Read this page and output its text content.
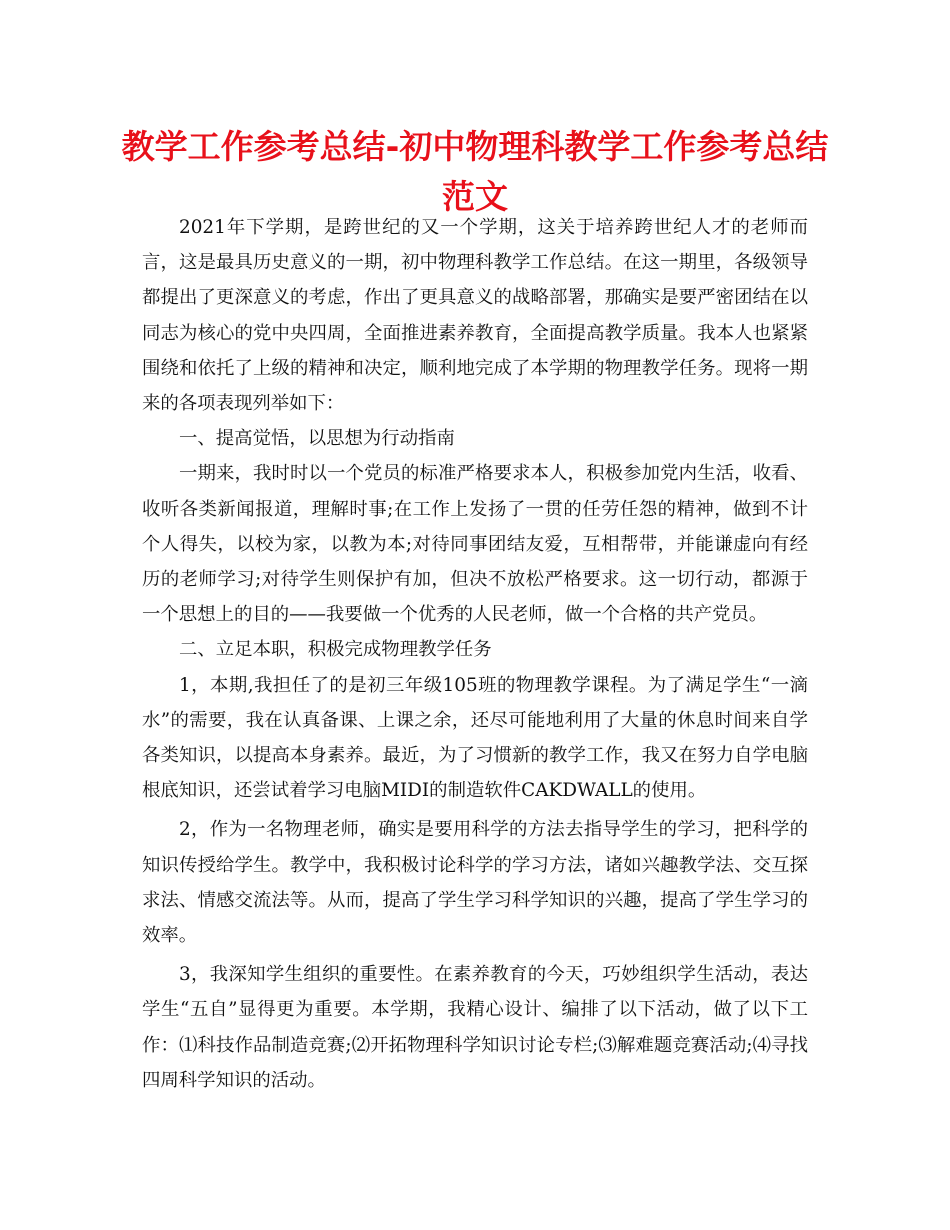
教学工作参考总结-初中物理科教学工作参考总结范文

2021年下学期，是跨世纪的又一个学期，这关于培养跨世纪人才的老师而言，这是最具历史意义的一期，初中物理科教学工作总结。在这一期里，各级领导都提出了更深意义的考虑，作出了更具意义的战略部署，那确实是要严密团结在以同志为核心的党中央四周，全面推进素养教育，全面提高教学质量。我本人也紧紧围绕和依托了上级的精神和决定，顺利地完成了本学期的物理教学任务。现将一期来的各项表现列举如下：

一、提高觉悟，以思想为行动指南

一期来，我时时以一个党员的标准严格要求本人，积极参加党内生活，收看、收听各类新闻报道，理解时事;在工作上发扬了一贯的任劳任怨的精神，做到不计个人得失，以校为家，以教为本;对待同事团结友爱，互相帮带，并能谦虚向有经历的老师学习;对待学生则保护有加，但决不放松严格要求。这一切行动，都源于一个思想上的目的——我要做一个优秀的人民老师，做一个合格的共产党员。

二、立足本职，积极完成物理教学任务

1，本期,我担任了的是初三年级105班的物理教学课程。为了满足学生“一滴水”的需要，我在认真备课、上课之余，还尽可能地利用了大量的休息时间来自学各类知识，以提高本身素养。最近，为了习惯新的教学工作，我又在努力自学电脑根底知识，还尝试着学习电脑MIDI的制造软件CAKDWALL的使用。

2，作为一名物理老师，确实是要用科学的方法去指导学生的学习，把科学的知识传授给学生。教学中，我积极讨论科学的学习方法，诸如兴趣教学法、交互探求法、情感交流法等。从而，提高了学生学习科学知识的兴趣，提高了学生学习的效率。

3，我深知学生组织的重要性。在素养教育的今天，巧妙组织学生活动，表达学生“五自”显得更为重要。本学期，我精心设计、编排了以下活动，做了以下工作：⑴科技作品制造竞赛;⑵开拓物理科学知识讨论专栏;⑶解难题竞赛活动;⑷寻找四周科学知识的活动。
